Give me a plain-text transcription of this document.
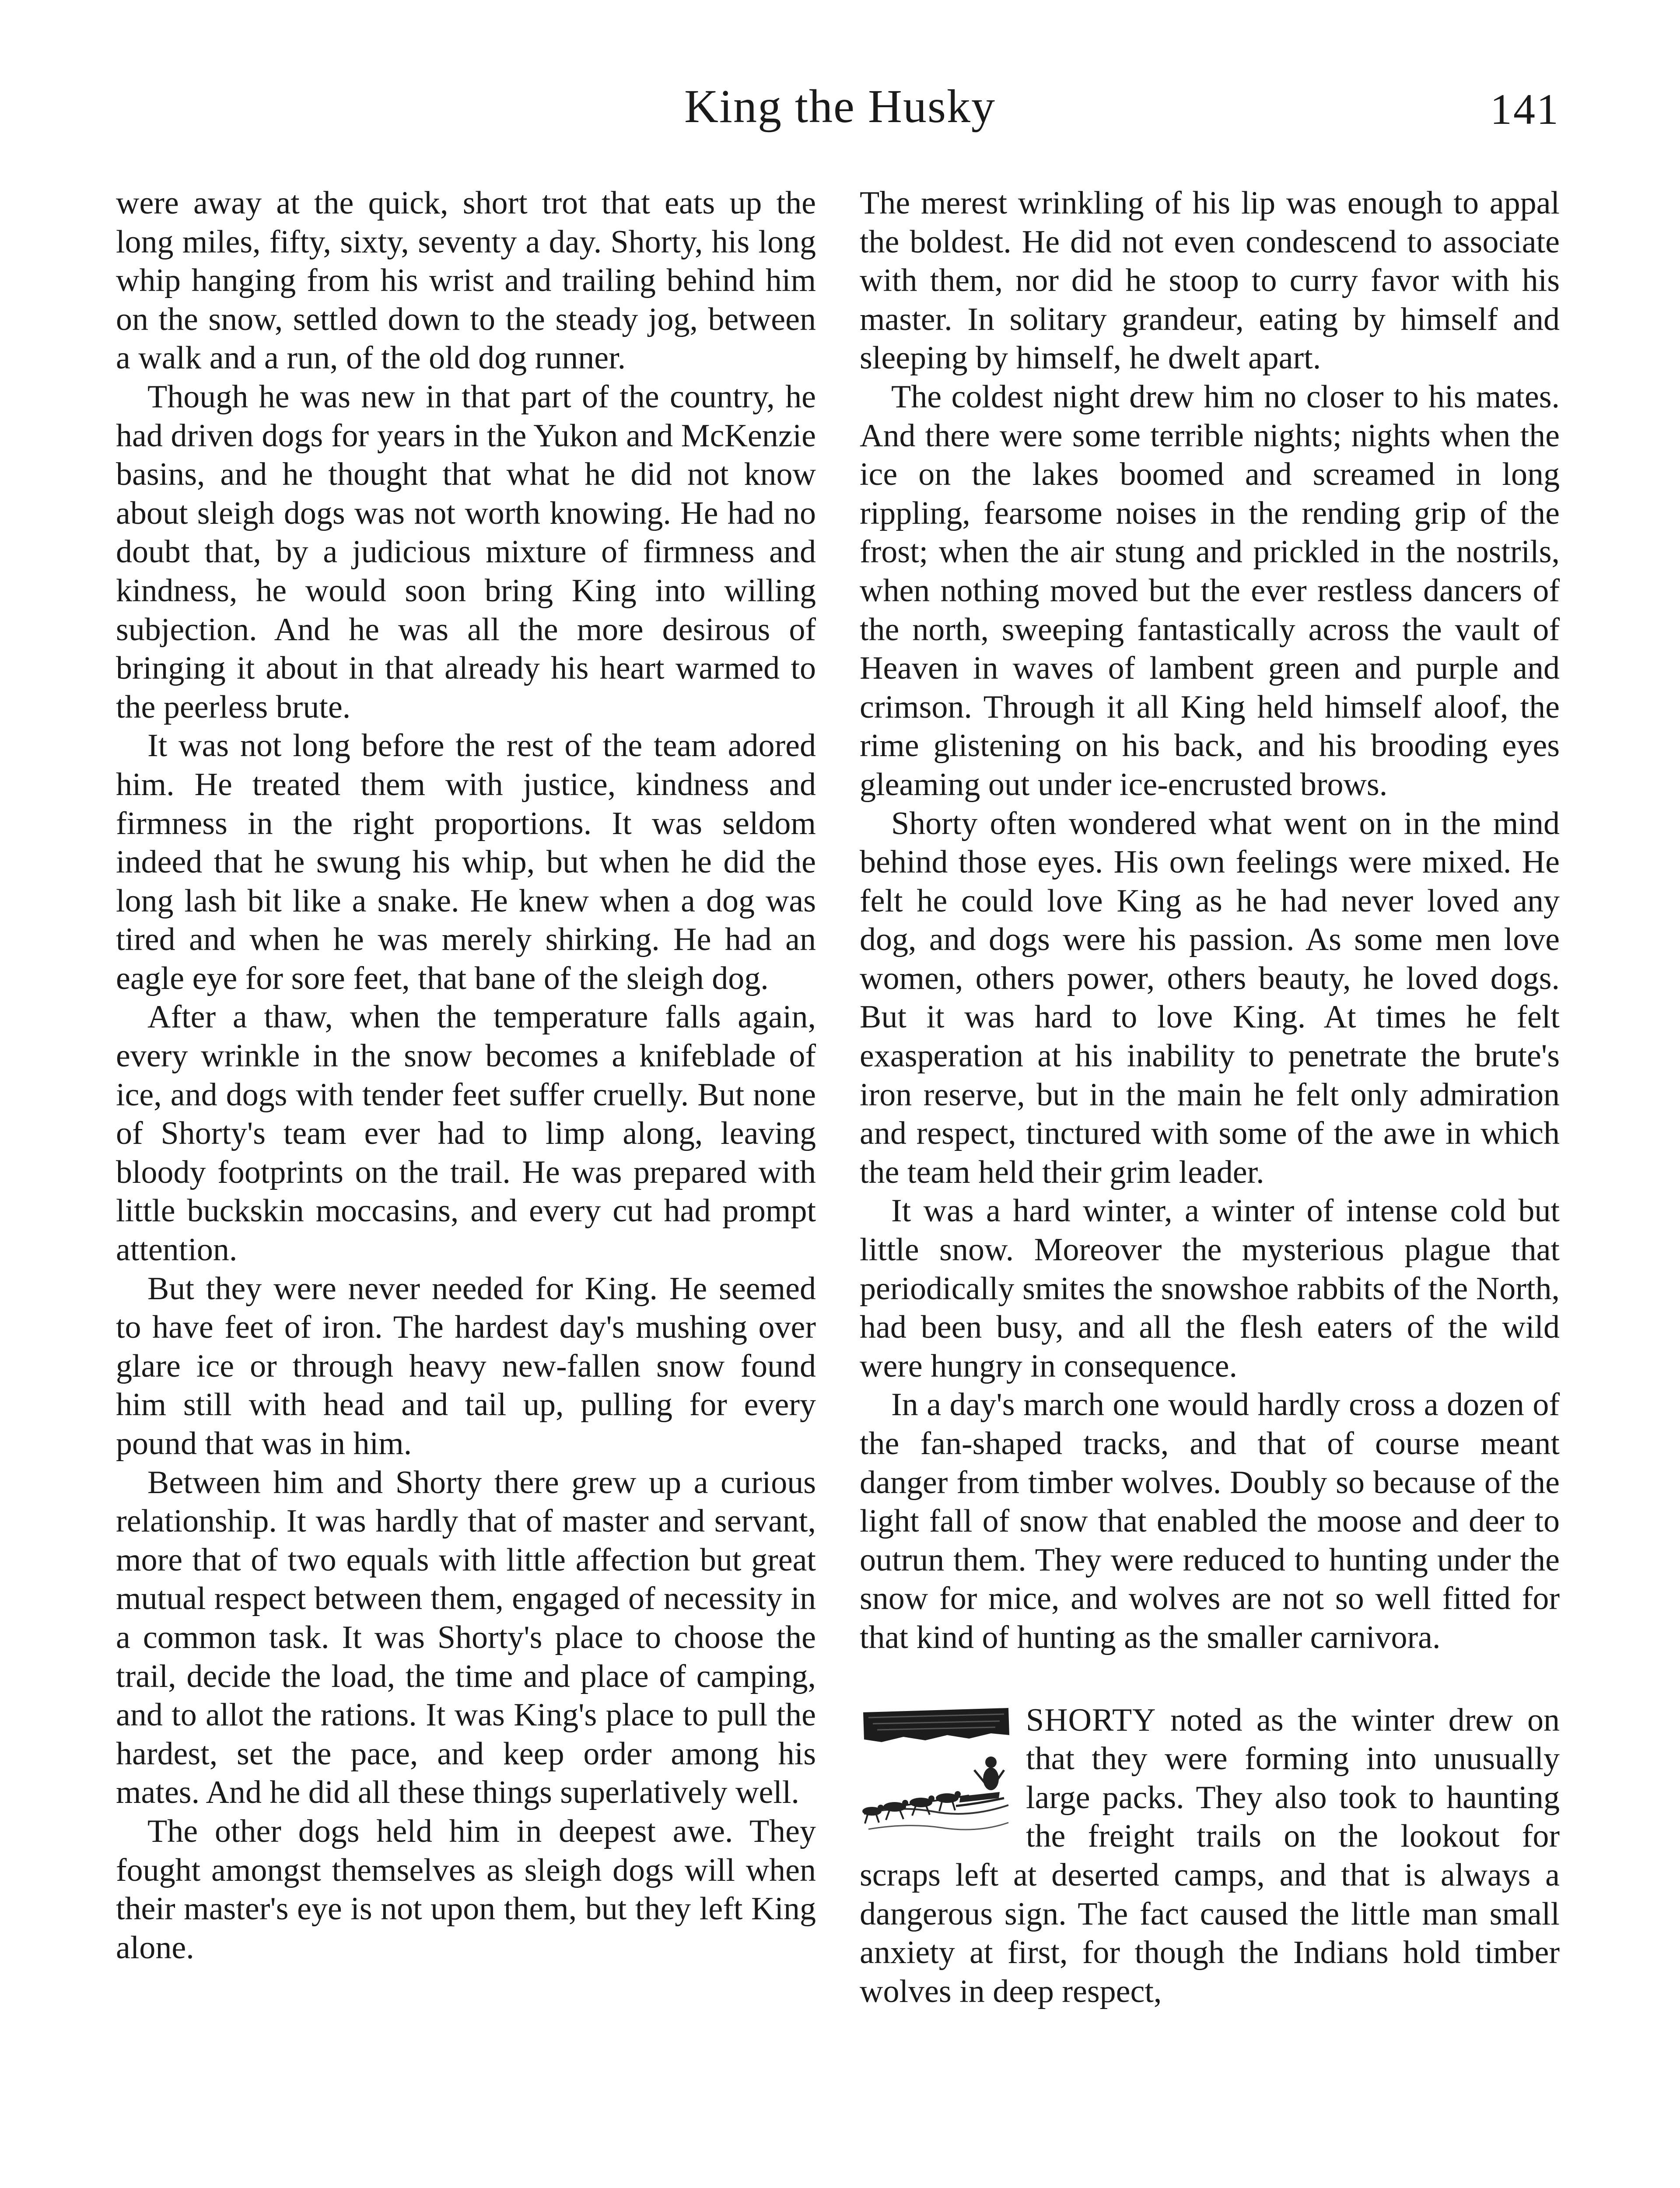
King the Husky	141

were away at the quick, short trot that eats up the long miles, fifty, sixty, seventy a day. Shorty, his long whip hanging from his wrist and trailing behind him on the snow, settled down to the steady jog, between a walk and a run, of the old dog runner.

Though he was new in that part of the country, he had driven dogs for years in the Yukon and McKenzie basins, and he thought that what he did not know about sleigh dogs was not worth knowing. He had no doubt that, by a judicious mixture of firmness and kindness, he would soon bring King into willing subjection. And he was all the more desirous of bringing it about in that already his heart warmed to the peerless brute.

It was not long before the rest of the team adored him. He treated them with justice, kindness and firmness in the right proportions. It was seldom indeed that he swung his whip, but when he did the long lash bit like a snake. He knew when a dog was tired and when he was merely shirking. He had an eagle eye for sore feet, that bane of the sleigh dog.

After a thaw, when the temperature falls again, every wrinkle in the snow becomes a knifeblade of ice, and dogs with tender feet suffer cruelly. But none of Shorty's team ever had to limp along, leaving bloody footprints on the trail. He was prepared with little buckskin moccasins, and every cut had prompt attention.

But they were never needed for King. He seemed to have feet of iron. The hardest day's mushing over glare ice or through heavy new-fallen snow found him still with head and tail up, pulling for every pound that was in him.

Between him and Shorty there grew up a curious relationship. It was hardly that of master and servant, more that of two equals with little affection but great mutual respect between them, engaged of necessity in a common task. It was Shorty's place to choose the trail, decide the load, the time and place of camping, and to allot the rations. It was King's place to pull the hardest, set the pace, and keep order among his mates. And he did all these things superlatively well.

The other dogs held him in deepest awe. They fought amongst themselves as sleigh dogs will when their master's eye is not upon them, but they left King alone.

The merest wrinkling of his lip was enough to appal the boldest. He did not even condescend to associate with them, nor did he stoop to curry favor with his master. In solitary grandeur, eating by himself and sleeping by himself, he dwelt apart.

The coldest night drew him no closer to his mates. And there were some terrible nights; nights when the ice on the lakes boomed and screamed in long rippling, fearsome noises in the rending grip of the frost; when the air stung and prickled in the nostrils, when nothing moved but the ever restless dancers of the north, sweeping fantastically across the vault of Heaven in waves of lambent green and purple and crimson. Through it all King held himself aloof, the rime glistening on his back, and his brooding eyes gleaming out under ice-encrusted brows.

Shorty often wondered what went on in the mind behind those eyes. His own feelings were mixed. He felt he could love King as he had never loved any dog, and dogs were his passion. As some men love women, others power, others beauty, he loved dogs. But it was hard to love King. At times he felt exasperation at his inability to penetrate the brute's iron reserve, but in the main he felt only admiration and respect, tinctured with some of the awe in which the team held their grim leader.

It was a hard winter, a winter of intense cold but little snow. Moreover the mysterious plague that periodically smites the snowshoe rabbits of the North, had been busy, and all the flesh eaters of the wild were hungry in consequence.

In a day's march one would hardly cross a dozen of the fan-shaped tracks, and that of course meant danger from timber wolves. Doubly so because of the light fall of snow that enabled the moose and deer to outrun them. They were reduced to hunting under the snow for mice, and wolves are not so well fitted for that kind of hunting as the smaller carnivora.

SHORTY noted as the winter drew on that they were forming into unusually large packs. They also took to haunting the freight trails on the lookout for scraps left at deserted camps, and that is always a dangerous sign. The fact caused the little man small anxiety at first, for though the Indians hold timber wolves in deep respect,
